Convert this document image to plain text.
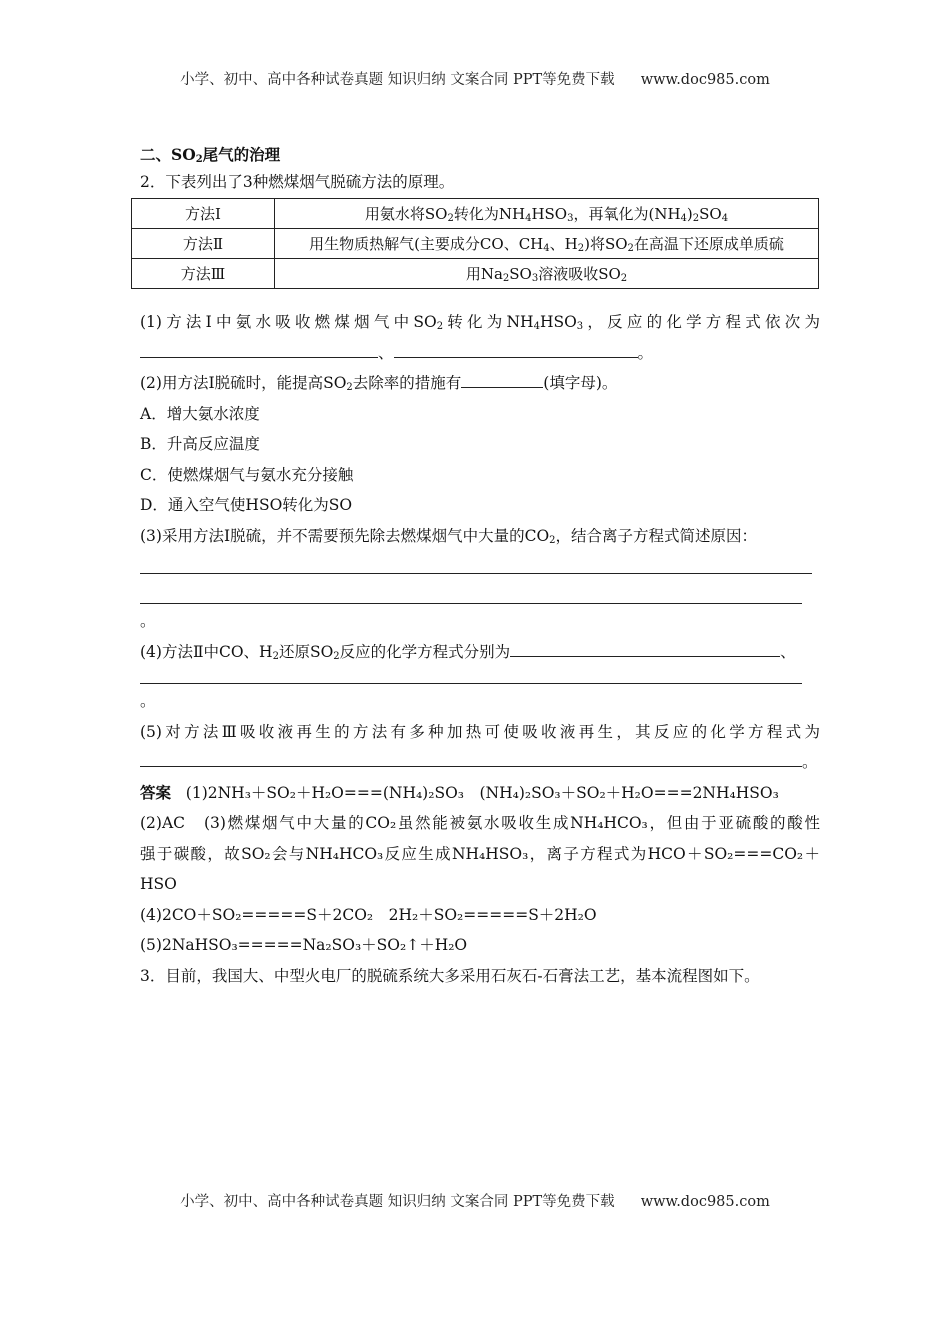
小学、初中、高中各种试卷真题 知识归纳 文案合同 PPT等免费下载 www.doc985.com
二、$SO_2$尾气的治理
2．下表列出了3种燃煤烟气脱硫方法的原理。
方法Ⅰ	用氨水将$SO_2$转化为$NH_4HSO_3$，再氧化为$(NH_4)_2SO_4$
方法Ⅱ	用生物质热解气(主要成分CO、$CH_4$、$H_2$)将$SO_2$在高温下还原成单质硫
方法Ⅲ	用$Na_2SO_3$溶液吸收$SO_2$
(1)方法Ⅰ中氨水吸收燃煤烟气中$SO_2$转化为$NH_4HSO_3$，反应的化学方程式依次为
、	。
(2)用方法Ⅰ脱硫时，能提高$SO_2$去除率的措施有	(填字母)。
A．增大氨水浓度
B．升高反应温度
C．使燃煤烟气与氨水充分接触
D．通入空气使HSO转化为SO
(3)采用方法Ⅰ脱硫，并不需要预先除去燃煤烟气中大量的$CO_2$，结合离子方程式简述原因：
。
(4)方法Ⅱ中CO、$H_2$还原$SO_2$反应的化学方程式分别为	、
。
(5)对方法Ⅲ吸收液再生的方法有多种加热可使吸收液再生，其反应的化学方程式为
。
答案 (1)2NH₃＋SO₂＋H₂O===(NH₄)₂SO₃　(NH₄)₂SO₃＋SO₂＋H₂O===2NH₄HSO₃
(2)AC　(3)燃煤烟气中大量的CO₂虽然能被氨水吸收生成NH₄HCO₃，但由于亚硫酸的酸性
强于碳酸，故SO₂会与NH₄HCO₃反应生成NH₄HSO₃，离子方程式为HCO＋SO₂===CO₂＋
HSO
(4)2CO＋SO₂=====S＋2CO₂　2H₂＋SO₂=====S＋2H₂O
(5)2NaHSO₃=====Na₂SO₃＋SO₂↑＋H₂O
3．目前，我国大、中型火电厂的脱硫系统大多采用石灰石-石膏法工艺，基本流程图如下。
小学、初中、高中各种试卷真题 知识归纳 文案合同 PPT等免费下载 www.doc985.com
